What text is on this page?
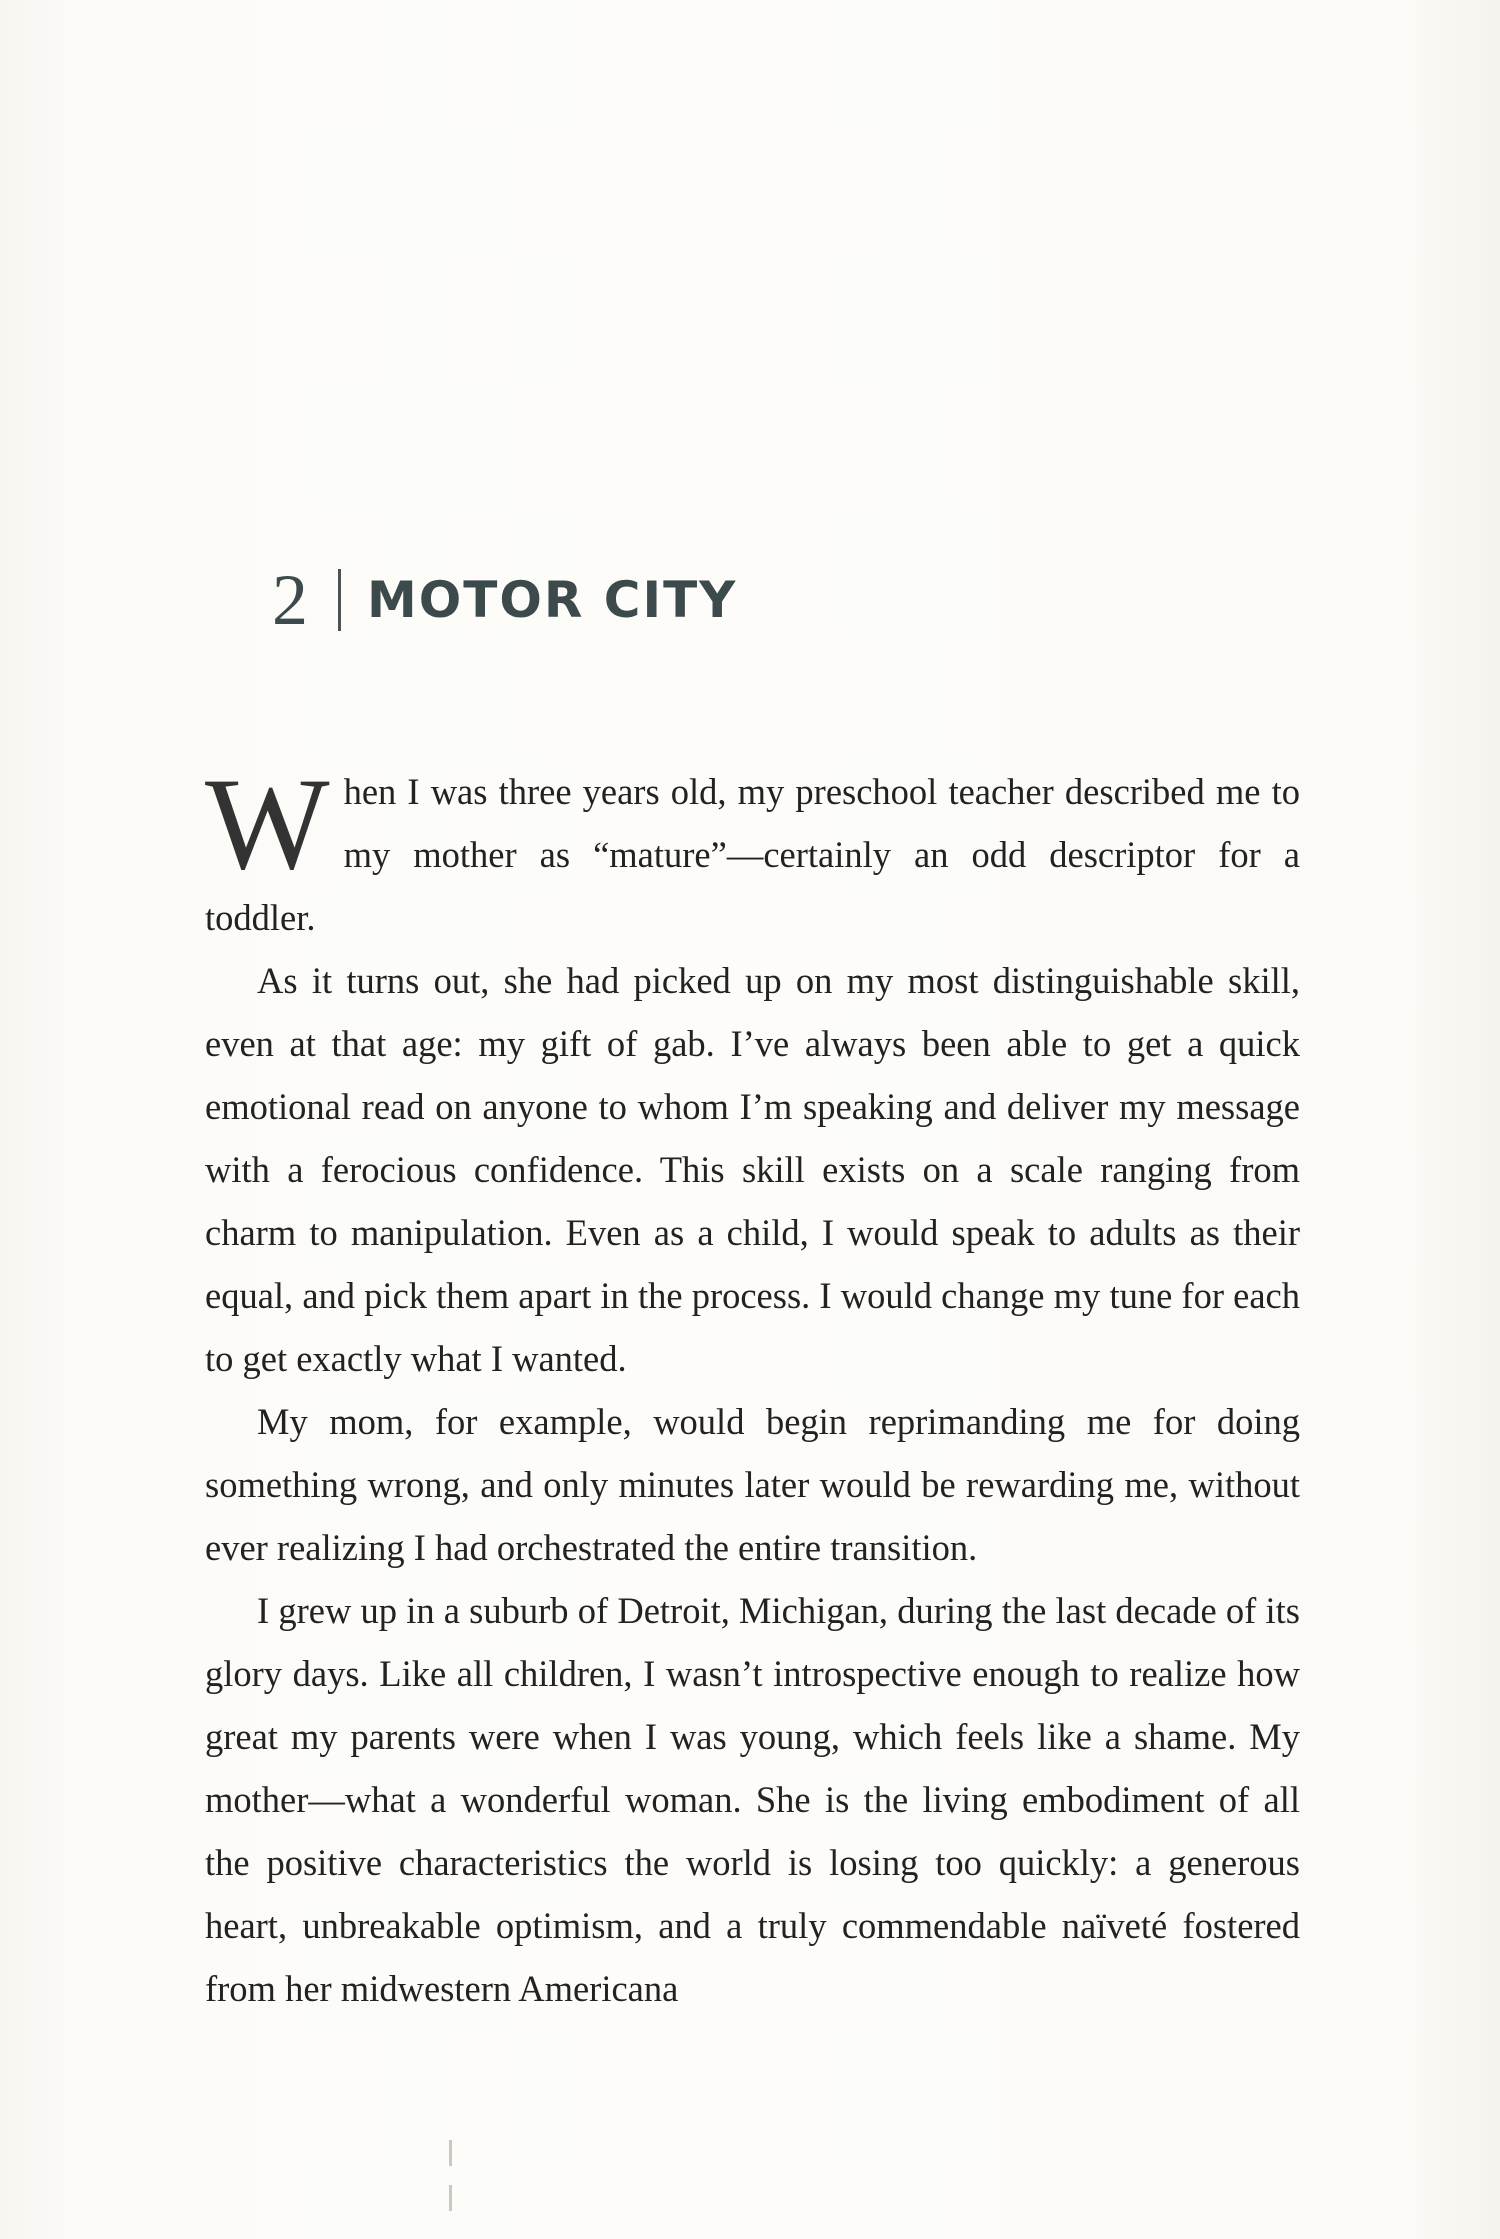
2 MOTOR CITY

When I was three years old, my preschool teacher described me to my mother as “mature”—certainly an odd descriptor for a toddler.

As it turns out, she had picked up on my most distinguishable skill, even at that age: my gift of gab. I’ve always been able to get a quick emotional read on anyone to whom I’m speaking and deliver my message with a ferocious confidence. This skill exists on a scale ranging from charm to manipulation. Even as a child, I would speak to adults as their equal, and pick them apart in the process. I would change my tune for each to get exactly what I wanted.

My mom, for example, would begin reprimanding me for doing something wrong, and only minutes later would be rewarding me, without ever realizing I had orchestrated the entire transition.

I grew up in a suburb of Detroit, Michigan, during the last decade of its glory days. Like all children, I wasn’t introspective enough to realize how great my parents were when I was young, which feels like a shame. My mother—what a wonderful woman. She is the living embodiment of all the positive characteristics the world is losing too quickly: a generous heart, unbreakable optimism, and a truly commendable naïveté fostered from her midwestern Americana
